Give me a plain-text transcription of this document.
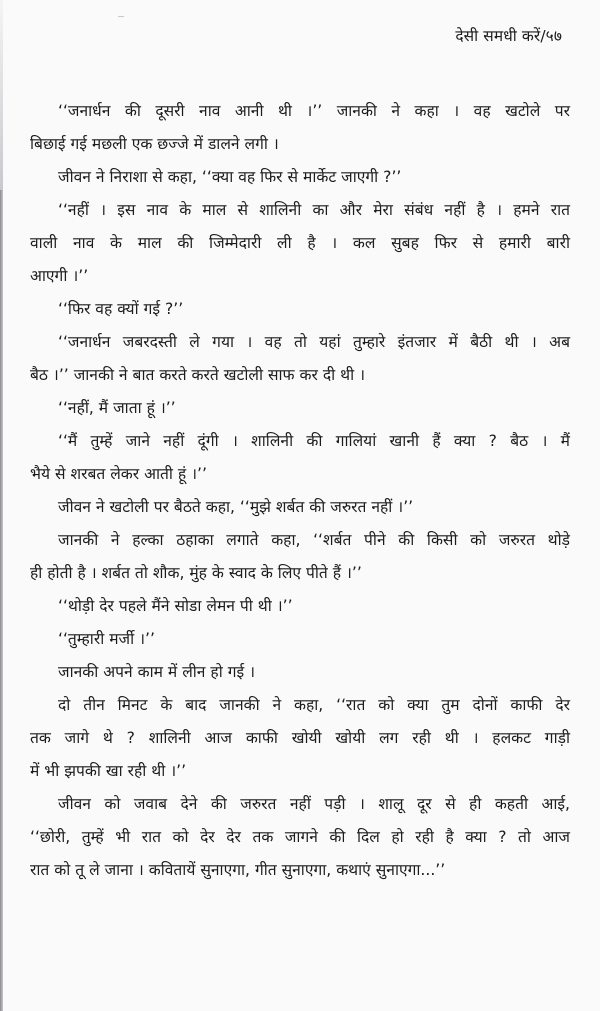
देसी समधी करें/५७
‘‘जनार्धन की दूसरी नाव आनी थी ।’’ जानकी ने कहा । वह खटोले पर
बिछाई गई मछली एक छज्जे में डालने लगी ।
जीवन ने निराशा से कहा, ‘‘क्या वह फिर से मार्केट जाएगी ?’’
‘‘नहीं । इस नाव के माल से शालिनी का और मेरा संबंध नहीं है । हमने रात
वाली नाव के माल की जिम्मेदारी ली है । कल सुबह फिर से हमारी बारी
आएगी ।’’
‘‘फिर वह क्यों गई ?’’
‘‘जनार्धन जबरदस्ती ले गया । वह तो यहां तुम्हारे इंतजार में बैठी थी । अब
बैठ ।’’ जानकी ने बात करते करते खटोली साफ कर दी थी ।
‘‘नहीं, मैं जाता हूं ।’’
‘‘मैं तुम्हें जाने नहीं दूंगी । शालिनी की गालियां खानी हैं क्या ? बैठ । मैं
भैये से शरबत लेकर आती हूं ।’’
जीवन ने खटोली पर बैठते कहा, ‘‘मुझे शर्बत की जरुरत नहीं ।’’
जानकी ने हल्का ठहाका लगाते कहा, ‘‘शर्बत पीने की किसी को जरुरत थोड़े
ही होती है । शर्बत तो शौक, मुंह के स्वाद के लिए पीते हैं ।’’
‘‘थोड़ी देर पहले मैंने सोडा लेमन पी थी ।’’
‘‘तुम्हारी मर्जी ।’’
जानकी अपने काम में लीन हो गई ।
दो तीन मिनट के बाद जानकी ने कहा, ‘‘रात को क्या तुम दोनों काफी देर
तक जागे थे ? शालिनी आज काफी खोयी खोयी लग रही थी । हलकट गाड़ी
में भी झपकी खा रही थी ।’’
जीवन को जवाब देने की जरुरत नहीं पड़ी । शालू दूर से ही कहती आई,
‘‘छोरी, तुम्हें भी रात को देर देर तक जागने की दिल हो रही है क्या ? तो आज
रात को तू ले जाना । कवितायें सुनाएगा, गीत सुनाएगा, कथाएं सुनाएगा...’’
